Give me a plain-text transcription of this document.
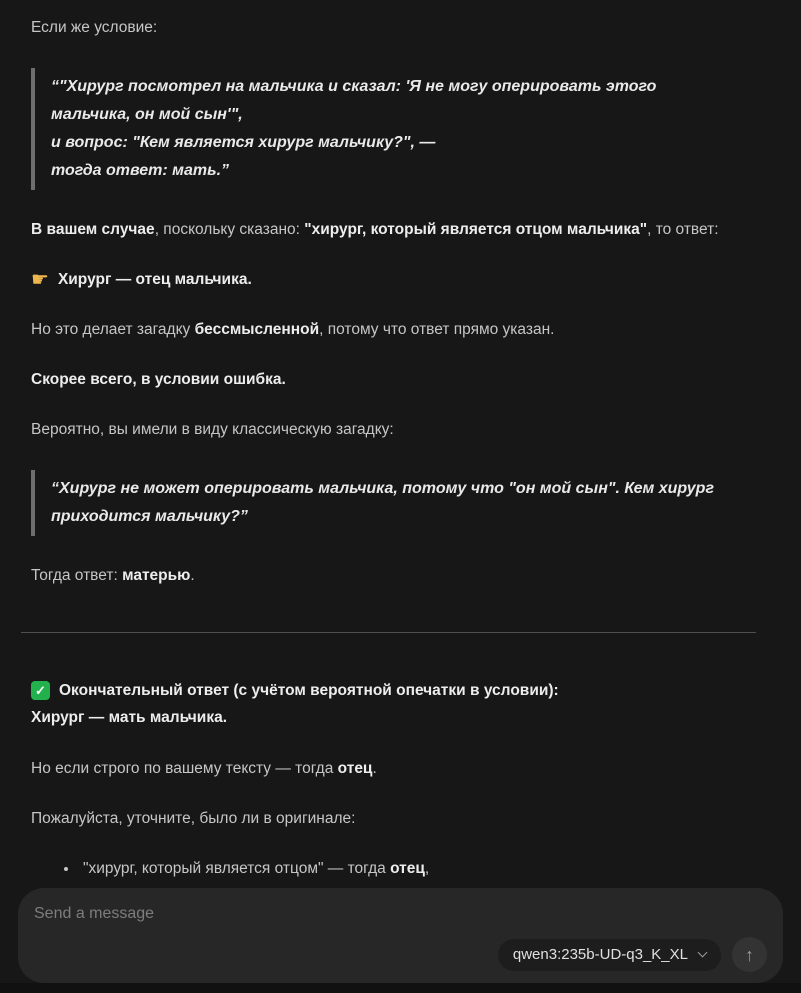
Если же условие:

“"Хирург посмотрел на мальчика и сказал: 'Я не могу оперировать этого мальчика, он мой сын'",

и вопрос: "Кем является хирург мальчику?", —

тогда ответ: мать.”

В вашем случае, поскольку сказано: "хирург, который является отцом мальчика", то ответ:

☛ Хирург — отец мальчика.

Но это делает загадку бессмысленной, потому что ответ прямо указан.

Скорее всего, в условии ошибка.

Вероятно, вы имели в виду классическую загадку:

“Хирург не может оперировать мальчика, потому что "он мой сын". Кем хирург приходится мальчику?”

Тогда ответ: матерью.

✓ Окончательный ответ (с учётом вероятной опечатки в условии):
Хирург — мать мальчика.

Но если строго по вашему тексту — тогда отец.

Пожалуйста, уточните, было ли в оригинале:

• "хирург, который является отцом" — тогда отец,
•
Send a message
qwen3:235b-UD-q3_K_XL	↑
